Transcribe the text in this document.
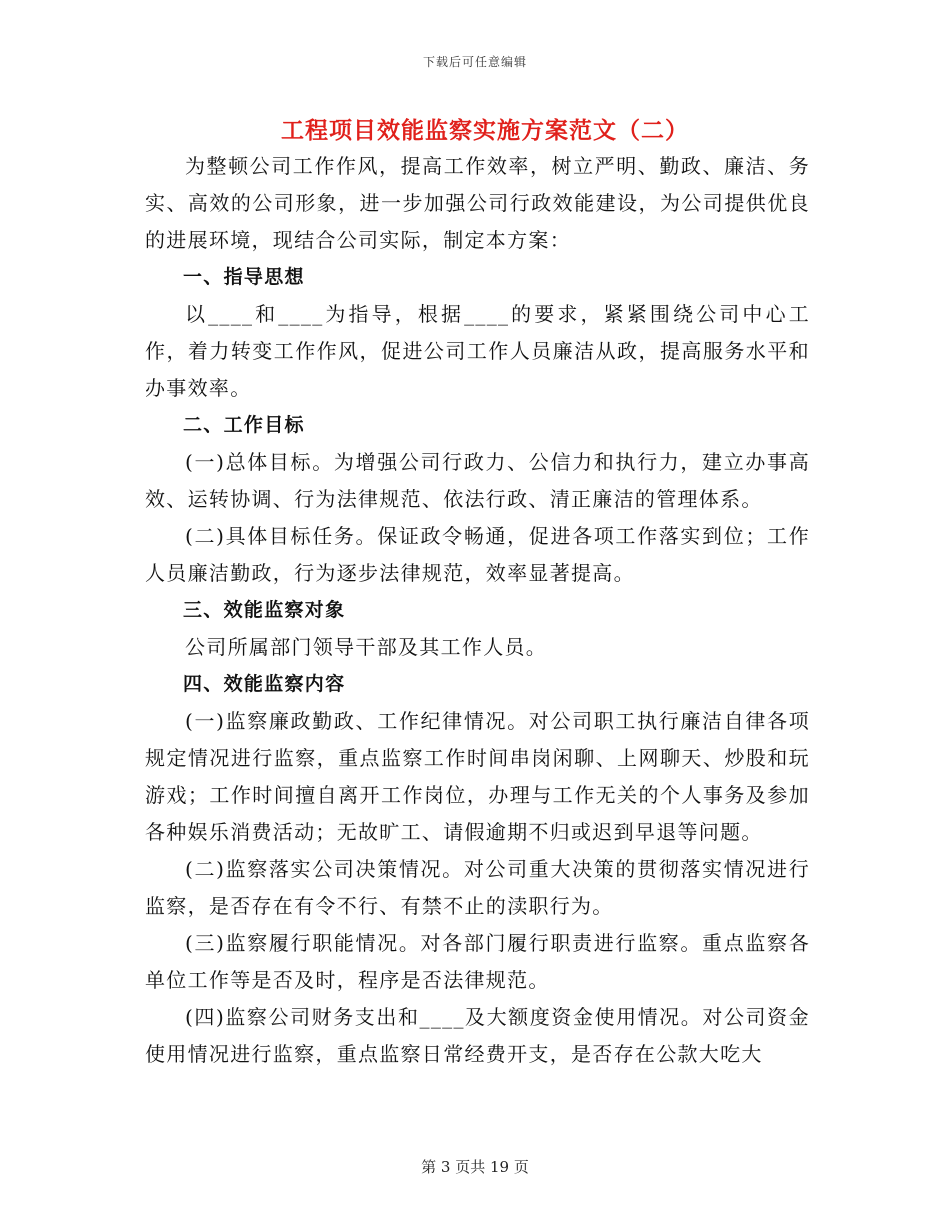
下载后可任意编辑
工程项目效能监察实施方案范文（二）

为整顿公司工作作风，提高工作效率，树立严明、勤政、廉洁、务实、高效的公司形象，进一步加强公司行政效能建设，为公司提供优良的进展环境，现结合公司实际，制定本方案：

一、指导思想

以____和____为指导，根据____的要求，紧紧围绕公司中心工作，着力转变工作作风，促进公司工作人员廉洁从政，提高服务水平和办事效率。

二、工作目标

(一)总体目标。为增强公司行政力、公信力和执行力，建立办事高效、运转协调、行为法律规范、依法行政、清正廉洁的管理体系。

(二)具体目标任务。保证政令畅通，促进各项工作落实到位；工作人员廉洁勤政，行为逐步法律规范，效率显著提高。

三、效能监察对象

公司所属部门领导干部及其工作人员。

四、效能监察内容

(一)监察廉政勤政、工作纪律情况。对公司职工执行廉洁自律各项规定情况进行监察，重点监察工作时间串岗闲聊、上网聊天、炒股和玩游戏；工作时间擅自离开工作岗位，办理与工作无关的个人事务及参加各种娱乐消费活动；无故旷工、请假逾期不归或迟到早退等问题。

(二)监察落实公司决策情况。对公司重大决策的贯彻落实情况进行监察，是否存在有令不行、有禁不止的渎职行为。

(三)监察履行职能情况。对各部门履行职责进行监察。重点监察各单位工作等是否及时，程序是否法律规范。

(四)监察公司财务支出和____及大额度资金使用情况。对公司资金使用情况进行监察，重点监察日常经费开支，是否存在公款大吃大

第 3 页共 19 页
